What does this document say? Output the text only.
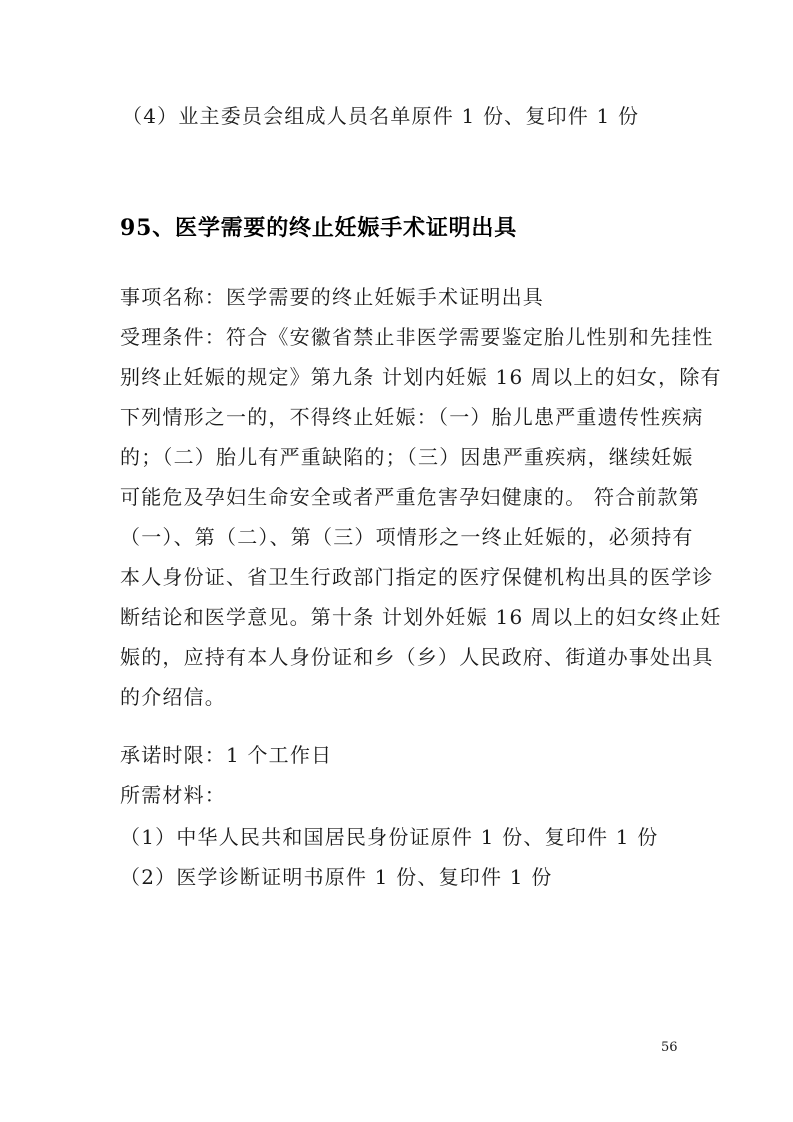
（4）业主委员会组成人员名单原件 1 份、复印件 1 份
95、医学需要的终止妊娠手术证明出具
事项名称：医学需要的终止妊娠手术证明出具
受理条件：符合《安徽省禁止非医学需要鉴定胎儿性别和先挂性
别终止妊娠的规定》第九条 计划内妊娠 16 周以上的妇女，除有
下列情形之一的，不得终止妊娠：（一）胎儿患严重遗传性疾病
的；（二）胎儿有严重缺陷的；（三）因患严重疾病，继续妊娠
可能危及孕妇生命安全或者严重危害孕妇健康的。 符合前款第
（一）、第（二）、第（三）项情形之一终止妊娠的，必须持有
本人身份证、省卫生行政部门指定的医疗保健机构出具的医学诊
断结论和医学意见。第十条 计划外妊娠 16 周以上的妇女终止妊
娠的，应持有本人身份证和乡（乡）人民政府、街道办事处出具
的介绍信。
承诺时限：1 个工作日
所需材料：
（1）中华人民共和国居民身份证原件 1 份、复印件 1 份
（2）医学诊断证明书原件 1 份、复印件 1 份
56
